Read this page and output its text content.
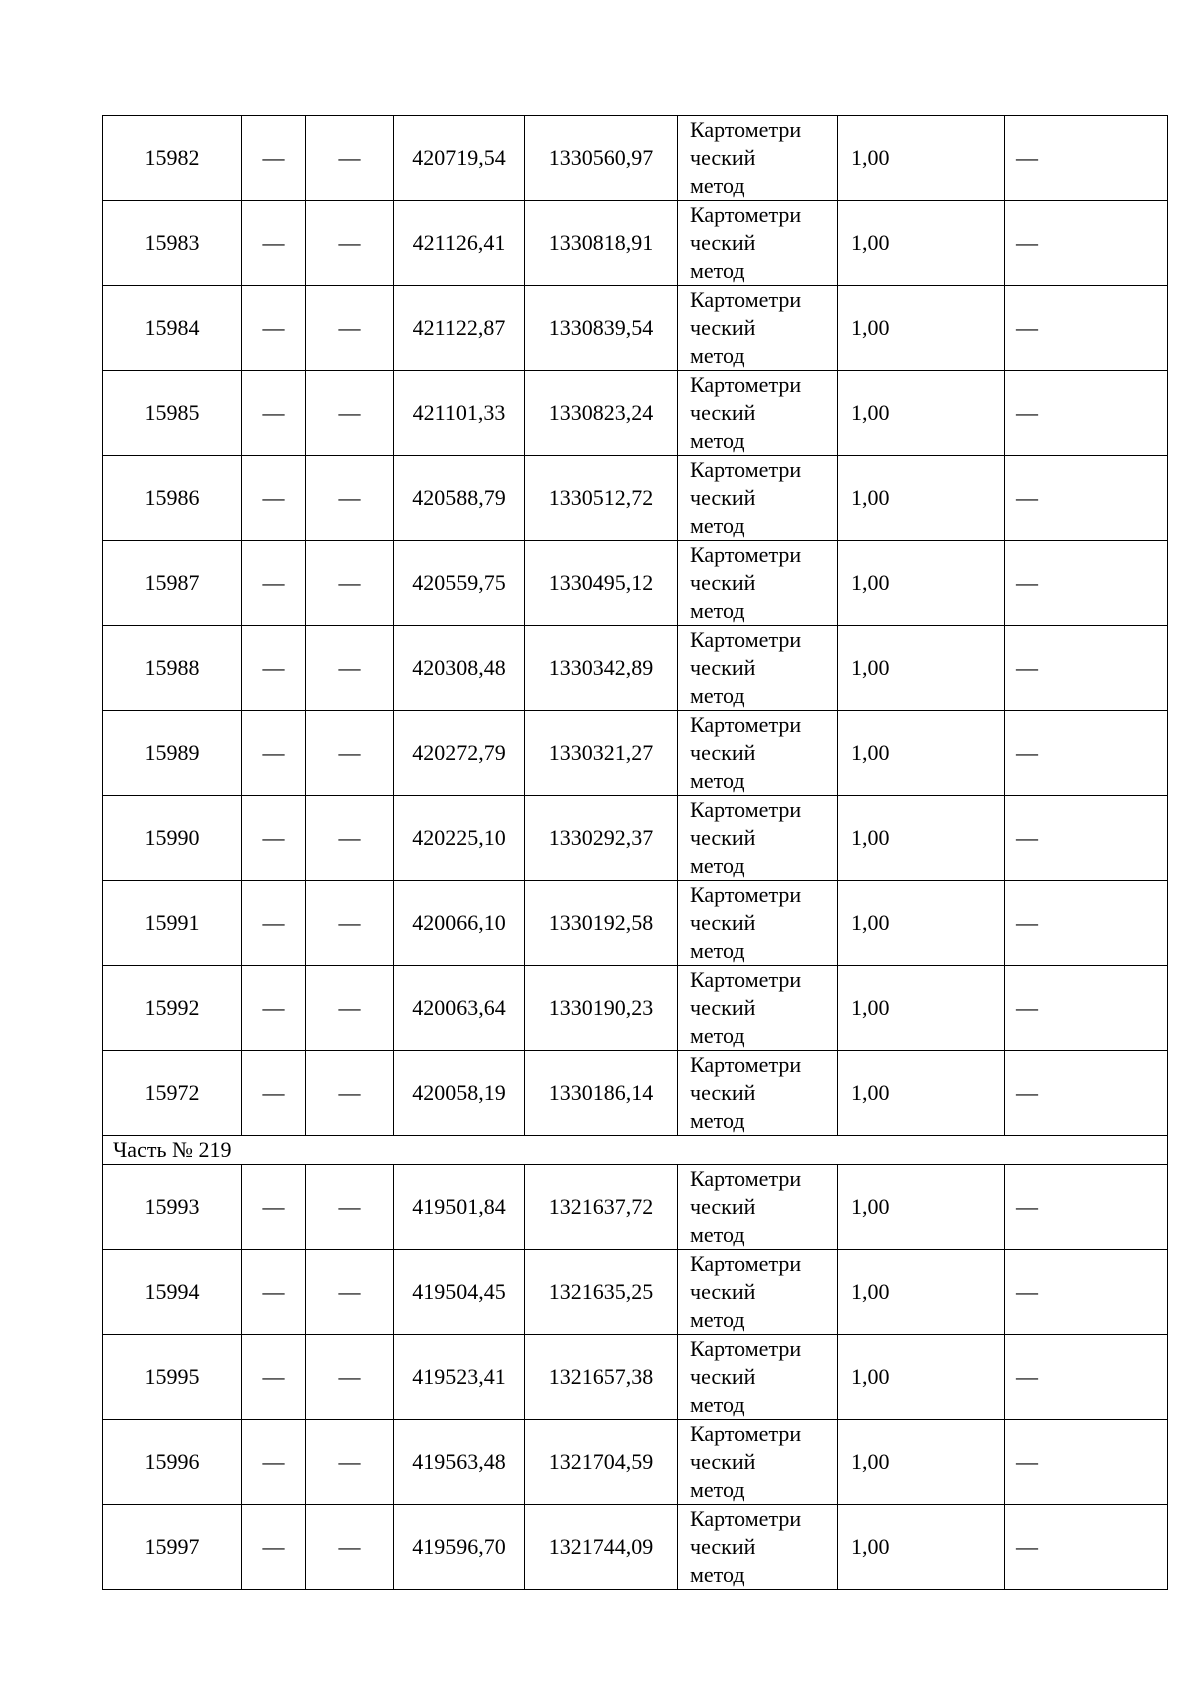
15982	—	—	420719,54	1330560,97	Картометри
ческий
метод	1,00	—
15983	—	—	421126,41	1330818,91	Картометри
ческий
метод	1,00	—
15984	—	—	421122,87	1330839,54	Картометри
ческий
метод	1,00	—
15985	—	—	421101,33	1330823,24	Картометри
ческий
метод	1,00	—
15986	—	—	420588,79	1330512,72	Картометри
ческий
метод	1,00	—
15987	—	—	420559,75	1330495,12	Картометри
ческий
метод	1,00	—
15988	—	—	420308,48	1330342,89	Картометри
ческий
метод	1,00	—
15989	—	—	420272,79	1330321,27	Картометри
ческий
метод	1,00	—
15990	—	—	420225,10	1330292,37	Картометри
ческий
метод	1,00	—
15991	—	—	420066,10	1330192,58	Картометри
ческий
метод	1,00	—
15992	—	—	420063,64	1330190,23	Картометри
ческий
метод	1,00	—
15972	—	—	420058,19	1330186,14	Картометри
ческий
метод	1,00	—
Часть № 219							
15993	—	—	419501,84	1321637,72	Картометри
ческий
метод	1,00	—
15994	—	—	419504,45	1321635,25	Картометри
ческий
метод	1,00	—
15995	—	—	419523,41	1321657,38	Картометри
ческий
метод	1,00	—
15996	—	—	419563,48	1321704,59	Картометри
ческий
метод	1,00	—
15997	—	—	419596,70	1321744,09	Картометри
ческий
метод	1,00	—
